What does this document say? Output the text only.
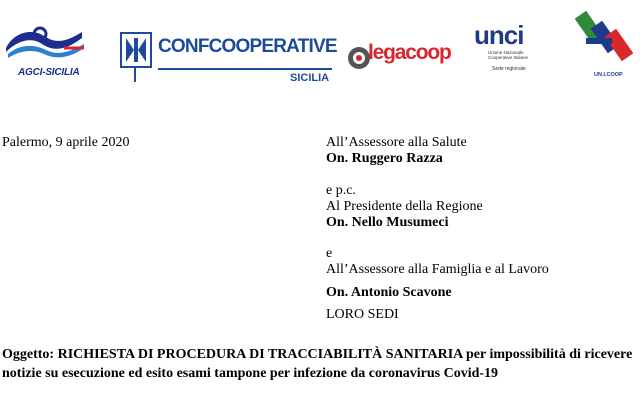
AGCI-SICILIA
CONFCOOPERATIVE
SICILIA
legacoop
unci
Unione Nazionale Cooperative Italiane
Sede regionale
UN.I.COOP
Palermo, 9 aprile 2020	All’Assessore alla Salute
On. Ruggero Razza
e p.c.
Al Presidente della Regione
On. Nello Musumeci
e
All’Assessore alla Famiglia e al Lavoro
On. Antonio Scavone
LORO SEDI
Oggetto: RICHIESTA DI PROCEDURA DI TRACCIABILITÀ SANITARIA per impossibilità di ricevere notizie su esecuzione ed esito esami tampone per infezione da coronavirus Covid-19
